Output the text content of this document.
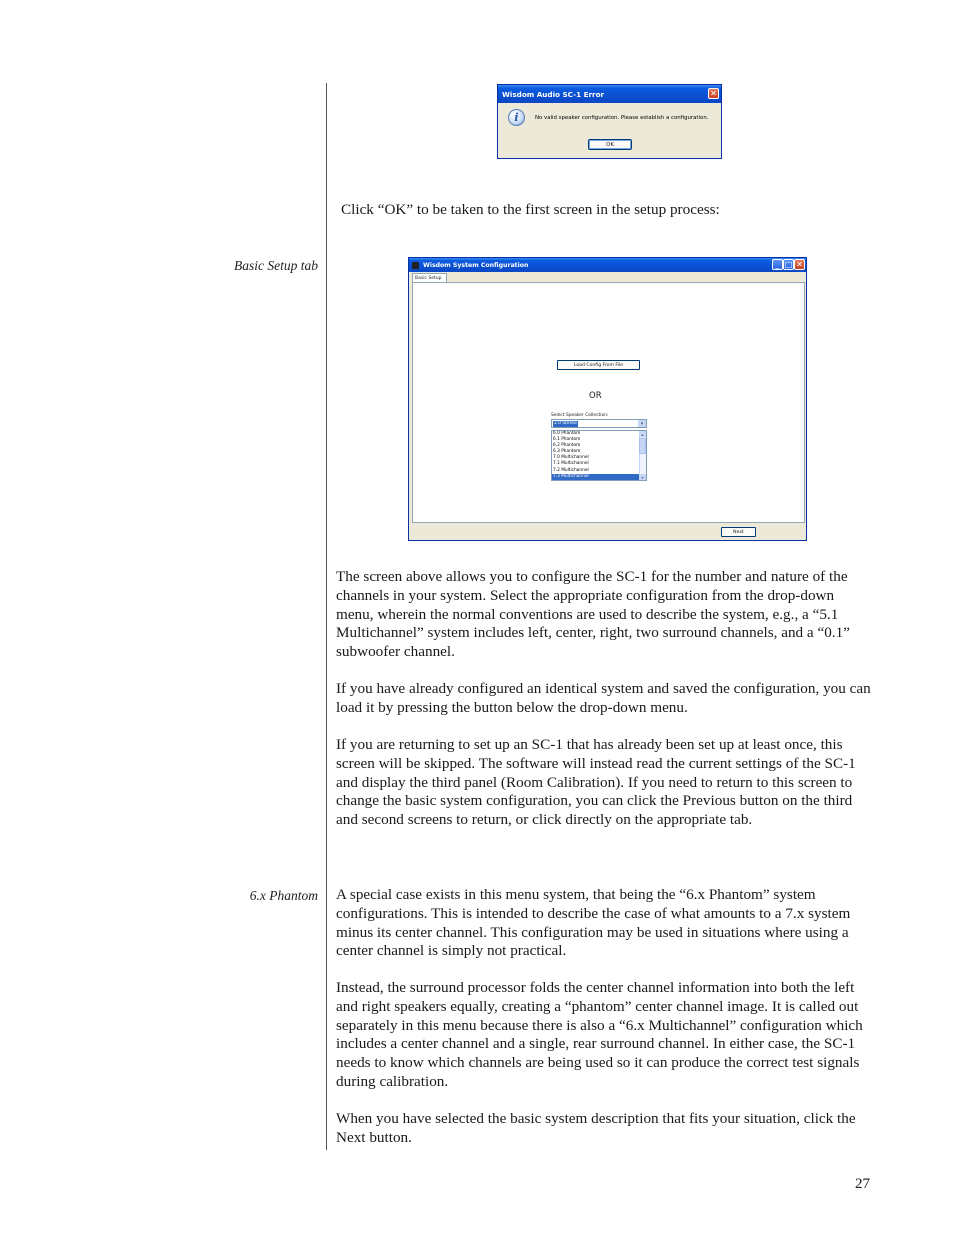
Wisdom Audio SC-1 Error	✕
i	No valid speaker configuration. Please establish a configuration.
OK
Click “OK” to be taken to the first screen in the setup process:
Basic Setup tab	Wisdom System Configuration	_ □ ✕
Basic Setup
Load Config From File
OR
Select Speaker Collection:
2.0 Stereo	▾
6.0 Phantom
6.1 Phantom
6.2 Phantom
6.3 Phantom
7.0 Multichannel
7.1 Multichannel
7.2 Multichannel
7.3 Multichannel
▴
▾
Next
The screen above allows you to configure the SC-1 for the number and nature of the channels in your system. Select the appropriate configuration from the drop-down menu, wherein the normal conventions are used to describe the system, e.g., a “5.1 Multichannel” system includes left, center, right, two surround channels, and a “0.1” subwoofer channel.
If you have already configured an identical system and saved the configuration, you can load it by pressing the button below the drop-down menu.
If you are returning to set up an SC-1 that has already been set up at least once, this screen will be skipped. The software will instead read the current settings of the SC-1 and display the third panel (Room Calibration). If you need to return to this screen to change the basic system configuration, you can click the Previous button on the third and second screens to return, or click directly on the appropriate tab.
6.x Phantom A special case exists in this menu system, that being the “6.x Phantom” system configurations. This is intended to describe the case of what amounts to a 7.x system minus its center channel. This configuration may be used in situations where using a center channel is simply not practical.
Instead, the surround processor folds the center channel information into both the left and right speakers equally, creating a “phantom” center channel image. It is called out separately in this menu because there is also a “6.x Multichannel” configuration which includes a center channel and a single, rear surround channel. In either case, the SC-1 needs to know which channels are being used so it can produce the correct test signals during calibration.
When you have selected the basic system description that fits your situation, click the Next button.
27
